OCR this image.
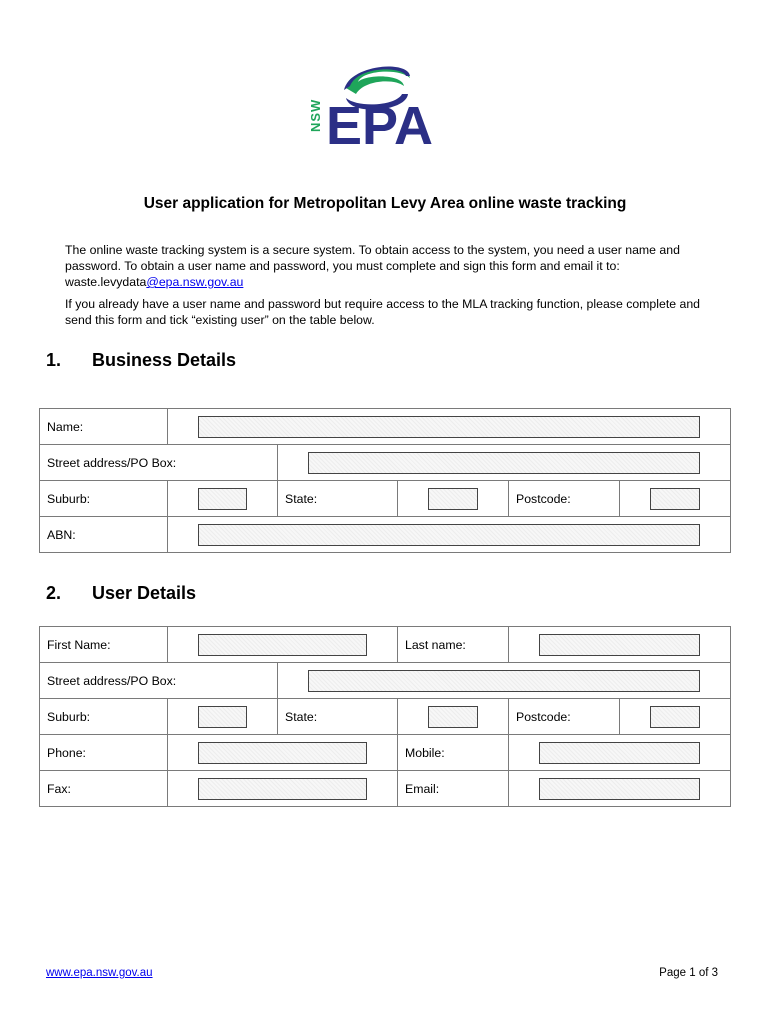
NSW EPA
User application for Metropolitan Levy Area online waste tracking
The online waste tracking system is a secure system. To obtain access to the system, you need a user name and password. To obtain a user name and password, you must complete and sign this form and email it to: waste.levydata@epa.nsw.gov.au
If you already have a user name and password but require access to the MLA tracking function, please complete and send this form and tick “existing user” on the table below.
1. Business Details
Name:					

Street address/PO Box:					

Suburb:		State:		Postcode:	

ABN:					
2. User Details
First Name:			Last name:		

Street address/PO Box:					

Suburb:		State:		Postcode:	

Phone:			Mobile:		

Fax:			Email:		
www.epa.nsw.gov.au	Page 1 of 3
